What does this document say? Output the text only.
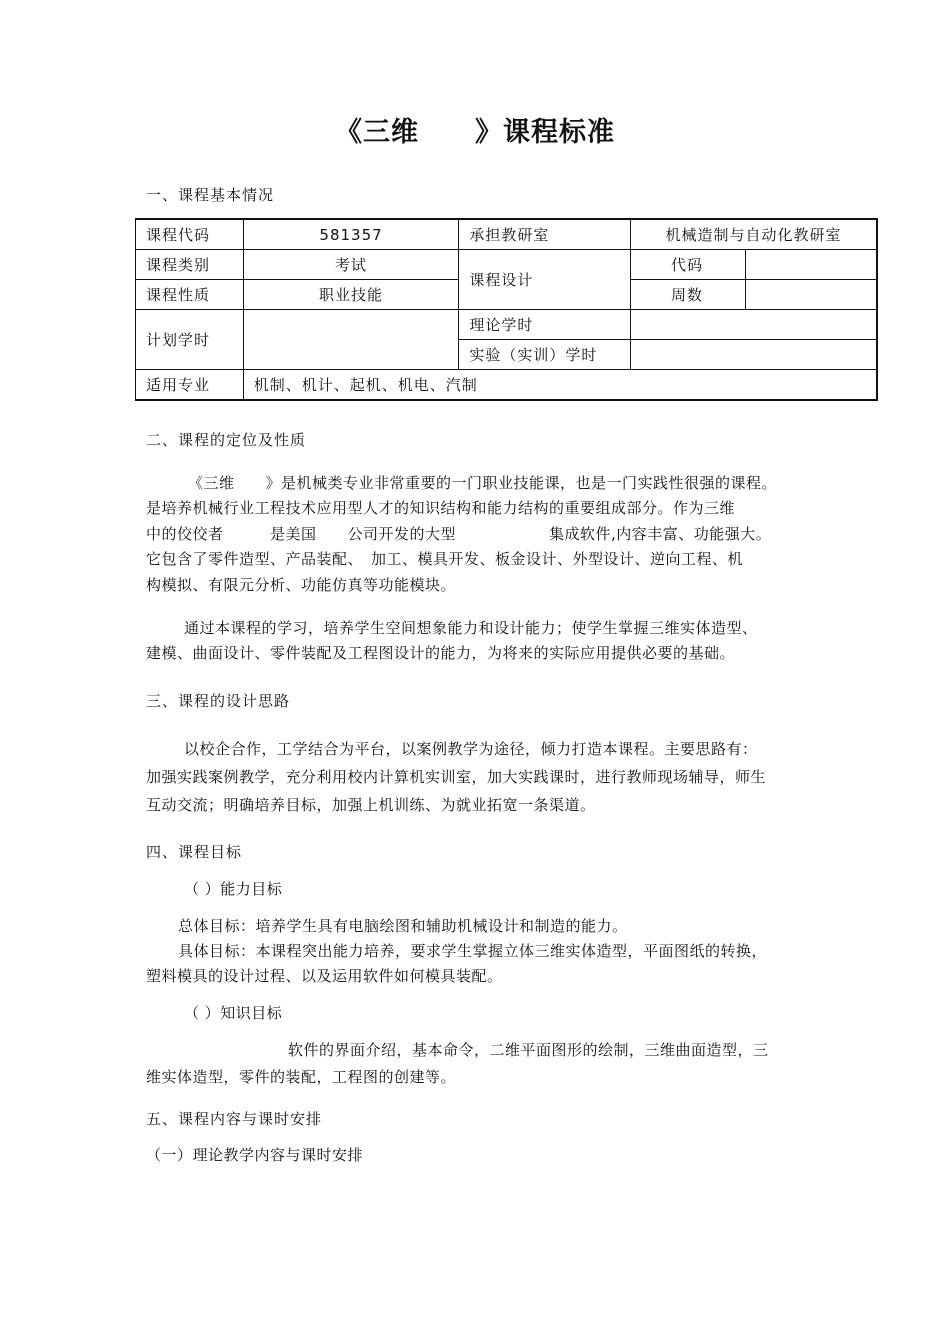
《三维　　》课程标准
一、课程基本情况
课程代码	581357	承担教研室	机械造制与自动化教研室	
课程类别	考试	课程设计	代码	
课程性质	职业技能		周数	
计划学时		理论学时		
		实验（实训）学时		
适用专业	机制、机计、起机、机电、汽制			
二、课程的定位及性质
《三维　　》是机械类专业非常重要的一门职业技能课，也是一门实践性很强的课程。
是培养机械行业工程技术应用型人才的知识结构和能力结构的重要组成部分。作为三维
中的佼佼者　　　是美国　　公司开发的大型　　　　　　集成软件,内容丰富、功能强大。
它包含了零件造型、产品装配、　加工、模具开发、板金设计、外型设计、逆向工程、机
构模拟、有限元分析、功能仿真等功能模块。
通过本课程的学习，培养学生空间想象能力和设计能力；使学生掌握三维实体造型、
建模、曲面设计、零件装配及工程图设计的能力，为将来的实际应用提供必要的基础。
三、课程的设计思路
以校企合作，工学结合为平台，以案例教学为途径，倾力打造本课程。主要思路有：
加强实践案例教学，充分利用校内计算机实训室，加大实践课时，进行教师现场辅导，师生
互动交流；明确培养目标，加强上机训练、为就业拓宽一条渠道。
四、课程目标
（ ）能力目标
总体目标：培养学生具有电脑绘图和辅助机械设计和制造的能力。
具体目标：本课程突出能力培养，要求学生掌握立体三维实体造型，平面图纸的转换，
塑料模具的设计过程、以及运用软件如何模具装配。
（ ）知识目标
软件的界面介绍，基本命令，二维平面图形的绘制，三维曲面造型，三
维实体造型，零件的装配，工程图的创建等。
五、课程内容与课时安排
（一）理论教学内容与课时安排
